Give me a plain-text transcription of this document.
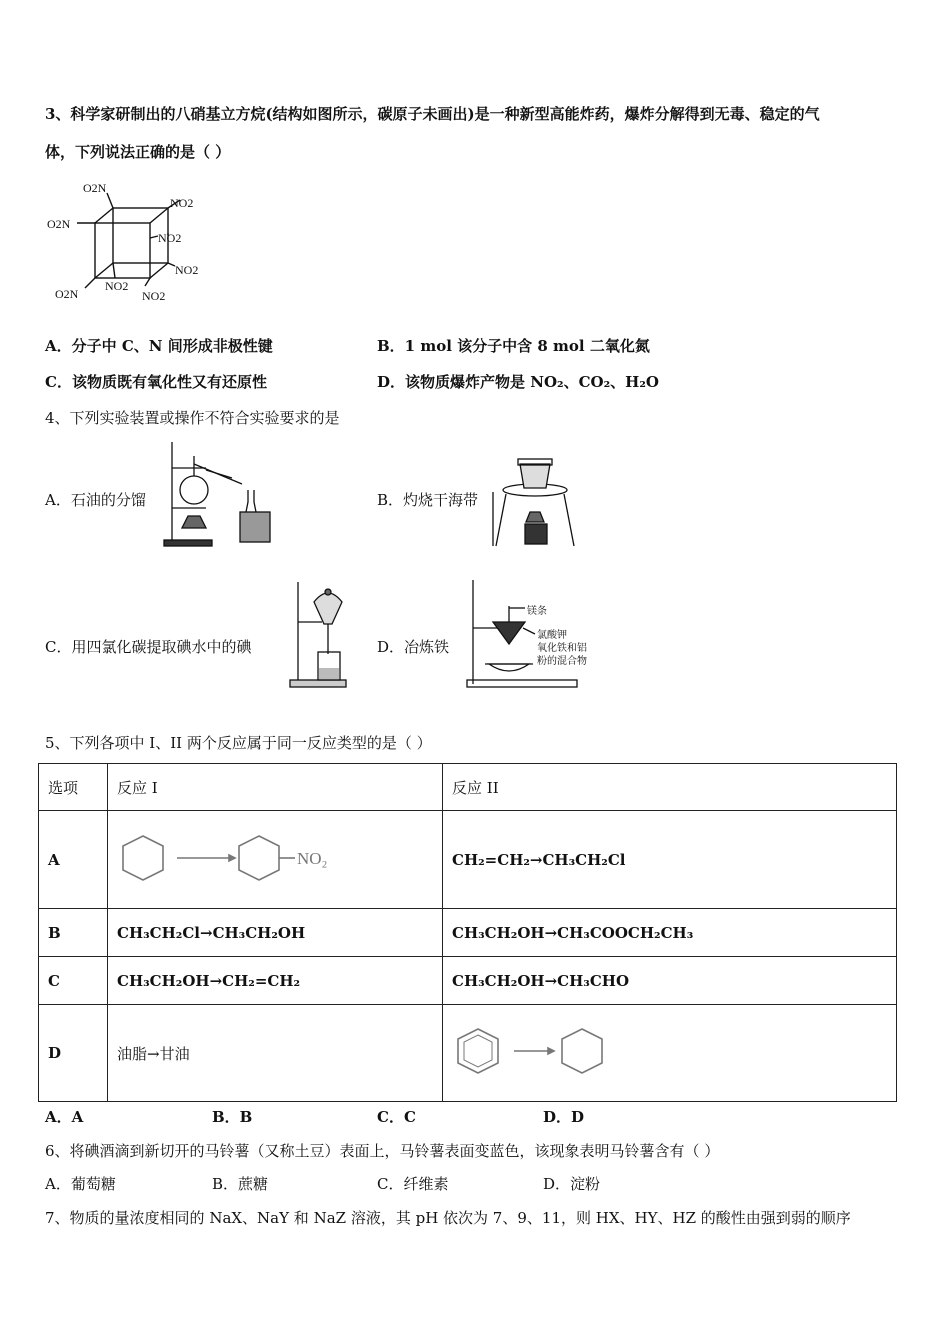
3、科学家研制出的八硝基立方烷(结构如图所示，碳原子未画出)是一种新型高能炸药，爆炸分解得到无毒、稳定的气
体，下列说法正确的是（ ）
O2N
NO2
O2N
NO2
NO2
O2N
NO2
NO2
A．分子中 C、N 间形成非极性键	B．1 mol 该分子中含 8 mol 二氧化氮
C．该物质既有氧化性又有还原性	D．该物质爆炸产物是 NO₂、CO₂、H₂O
4、下列实验装置或操作不符合实验要求的是
A．石油的分馏	B．灼烧干海带
C．用四氯化碳提取碘水中的碘	D．冶炼铁
镁条
氯酸钾
氧化铁和铝
粉的混合物
5、下列各项中 I、II 两个反应属于同一反应类型的是（ ）
选项	反应 I	反应 II
A	NO₂	CH₂=CH₂→CH₃CH₂Cl
B	CH₃CH₂Cl→CH₃CH₂OH	CH₃CH₂OH→CH₃COOCH₂CH₃
C	CH₃CH₂OH→CH₂=CH₂	CH₃CH₂OH→CH₃CHO
D	油脂→甘油	
A．A	B．B	C．C	D．D
6、将碘酒滴到新切开的马铃薯（又称土豆）表面上，马铃薯表面变蓝色，该现象表明马铃薯含有（ ）
A．葡萄糖	B．蔗糖	C．纤维素	D．淀粉
7、物质的量浓度相同的 NaX、NaY 和 NaZ 溶液，其 pH 依次为 7、9、11，则 HX、HY、HZ 的酸性由强到弱的顺序
